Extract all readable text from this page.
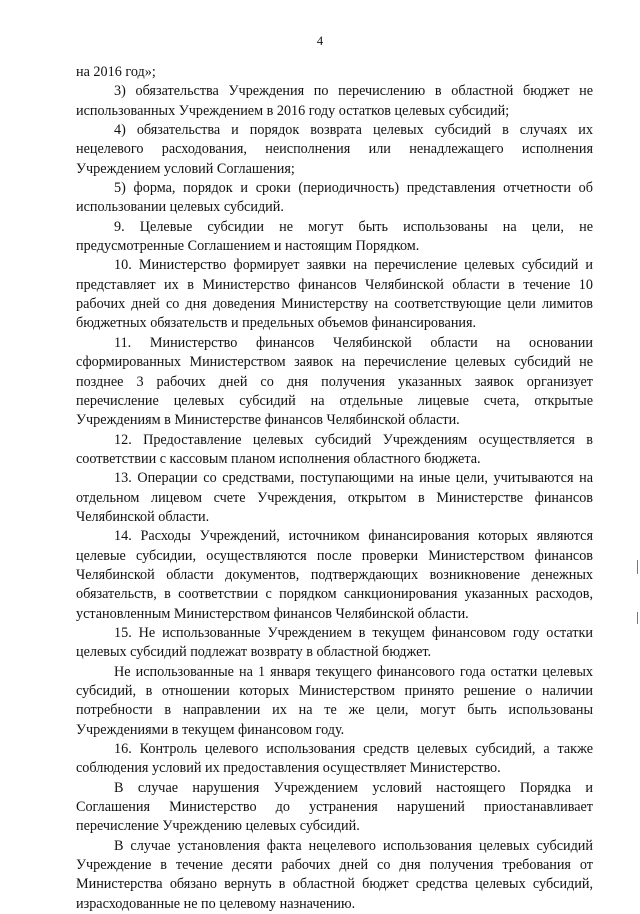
4

на 2016 год»;

3) обязательства Учреждения по перечислению в областной бюджет не использованных Учреждением в 2016 году остатков целевых субсидий;

4) обязательства и порядок возврата целевых субсидий в случаях их нецелевого расходования, неисполнения или ненадлежащего исполнения Учреждением условий Соглашения;

5) форма, порядок и сроки (периодичность) представления отчетности об использовании целевых субсидий.

9. Целевые субсидии не могут быть использованы на цели, не предусмотренные Соглашением и настоящим Порядком.

10. Министерство формирует заявки на перечисление целевых субсидий и представляет их в Министерство финансов Челябинской области в течение 10 рабочих дней со дня доведения Министерству на соответствующие цели лимитов бюджетных обязательств и предельных объемов финансирования.

11. Министерство финансов Челябинской области на основании сформированных Министерством заявок на перечисление целевых субсидий не позднее 3 рабочих дней со дня получения указанных заявок организует перечисление целевых субсидий на отдельные лицевые счета, открытые Учреждениям в Министерстве финансов Челябинской области.

12. Предоставление целевых субсидий Учреждениям осуществляется в соответствии с кассовым планом исполнения областного бюджета.

13. Операции со средствами, поступающими на иные цели, учитываются на отдельном лицевом счете Учреждения, открытом в Министерстве финансов Челябинской области.

14. Расходы Учреждений, источником финансирования которых являются целевые субсидии, осуществляются после проверки Министерством финансов Челябинской области документов, подтверждающих возникновение денежных обязательств, в соответствии с порядком санкционирования указанных расходов, установленным Министерством финансов Челябинской области.

15. Не использованные Учреждением в текущем финансовом году остатки целевых субсидий подлежат возврату в областной бюджет.

Не использованные на 1 января текущего финансового года остатки целевых субсидий, в отношении которых Министерством принято решение о наличии потребности в направлении их на те же цели, могут быть использованы Учреждениями в текущем финансовом году.

16. Контроль целевого использования средств целевых субсидий, а также соблюдения условий их предоставления осуществляет Министерство.

В случае нарушения Учреждением условий настоящего Порядка и Соглашения Министерство до устранения нарушений приостанавливает перечисление Учреждению целевых субсидий.

В случае установления факта нецелевого использования целевых субсидий Учреждение в течение десяти рабочих дней со дня получения требования от Министерства обязано вернуть в областной бюджет средства целевых субсидий, израсходованные не по целевому назначению.
